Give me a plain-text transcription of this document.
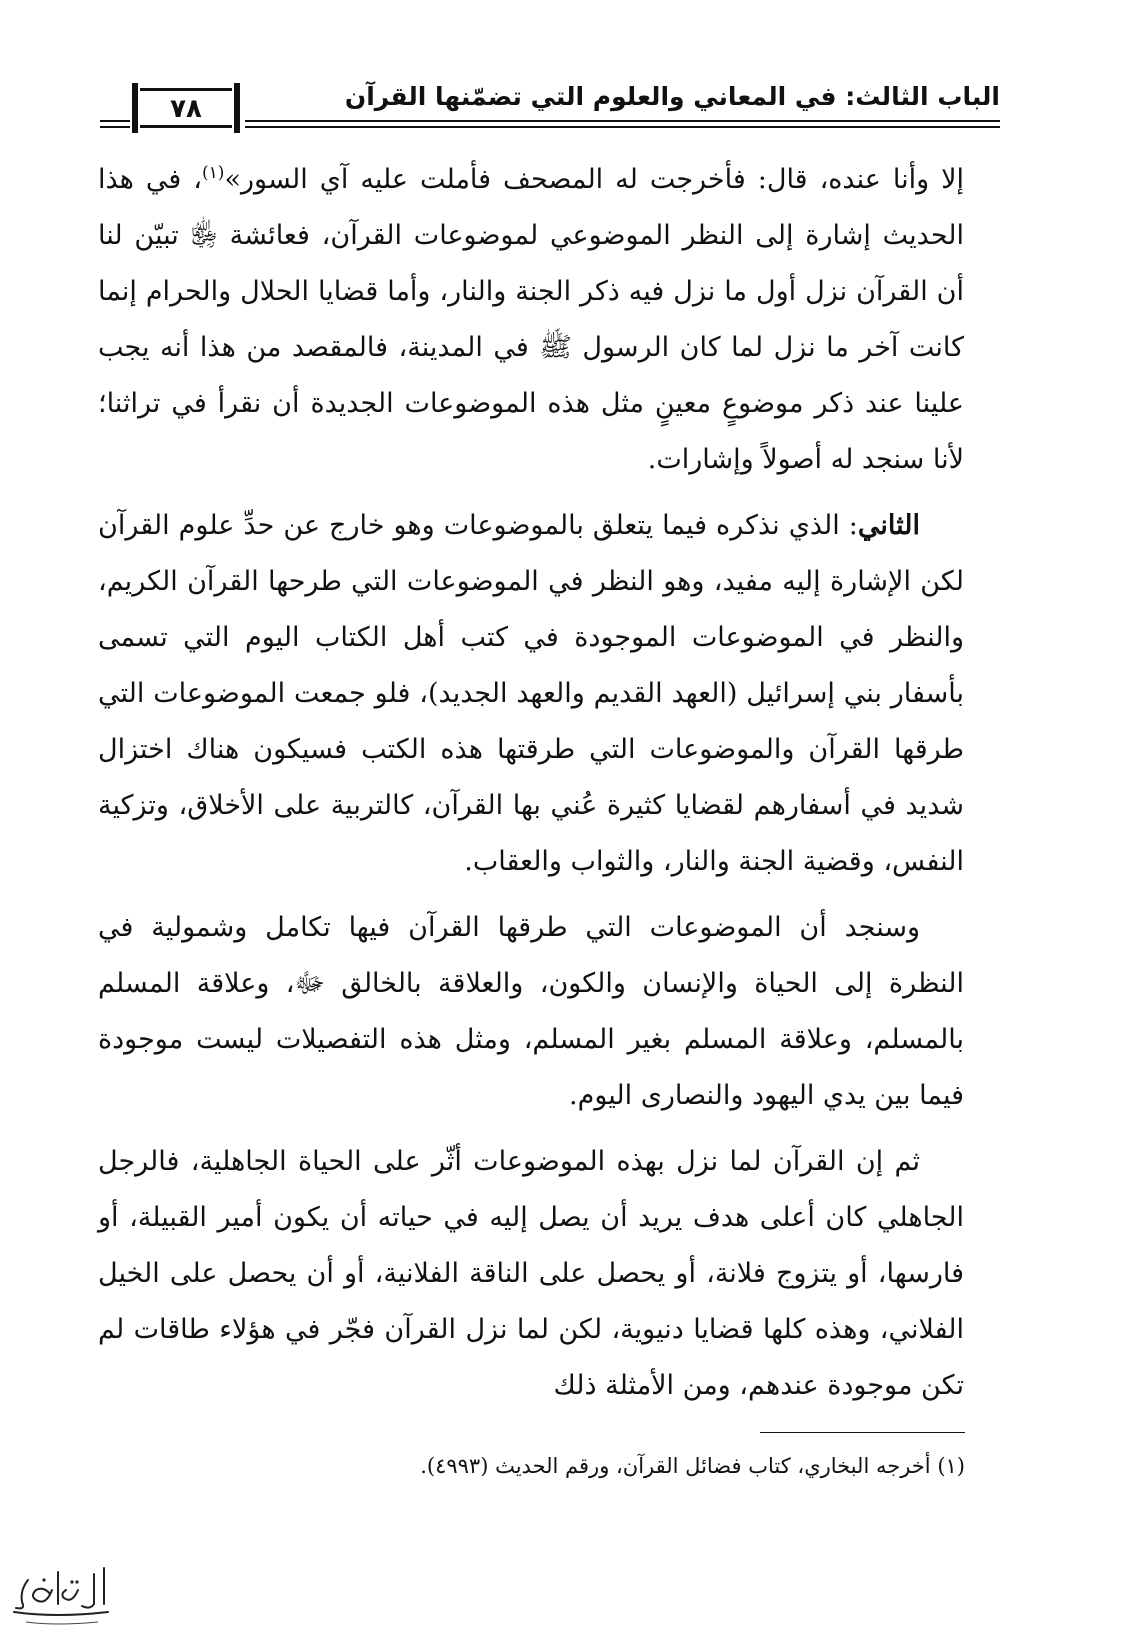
٧٨	الباب الثالث: في المعاني والعلوم التي تضمّنها القرآن

إلا وأنا عنده، قال: فأخرجت له المصحف فأملت عليه آي السور»$^{(١)}$، في هذا الحديث إشارة إلى النظر الموضوعي لموضوعات القرآن، فعائشة ﵂ تبيّن لنا أن القرآن نزل أول ما نزل فيه ذكر الجنة والنار، وأما قضايا الحلال والحرام إنما كانت آخر ما نزل لما كان الرسول ﷺ في المدينة، فالمقصد من هذا أنه يجب علينا عند ذكر موضوعٍ معينٍ مثل هذه الموضوعات الجديدة أن نقرأ في تراثنا؛ لأنا سنجد له أصولاً وإشارات.

الثاني: الذي نذكره فيما يتعلق بالموضوعات وهو خارج عن حدِّ علوم القرآن لكن الإشارة إليه مفيد، وهو النظر في الموضوعات التي طرحها القرآن الكريم، والنظر في الموضوعات الموجودة في كتب أهل الكتاب اليوم التي تسمى بأسفار بني إسرائيل (العهد القديم والعهد الجديد)، فلو جمعت الموضوعات التي طرقها القرآن والموضوعات التي طرقتها هذه الكتب فسيكون هناك اختزال شديد في أسفارهم لقضايا كثيرة عُني بها القرآن، كالتربية على الأخلاق، وتزكية النفس، وقضية الجنة والنار، والثواب والعقاب.

وسنجد أن الموضوعات التي طرقها القرآن فيها تكامل وشمولية في النظرة إلى الحياة والإنسان والكون، والعلاقة بالخالق ﷻ، وعلاقة المسلم بالمسلم، وعلاقة المسلم بغير المسلم، ومثل هذه التفصيلات ليست موجودة فيما بين يدي اليهود والنصارى اليوم.

ثم إن القرآن لما نزل بهذه الموضوعات أثّر على الحياة الجاهلية، فالرجل الجاهلي كان أعلى هدف يريد أن يصل إليه في حياته أن يكون أمير القبيلة، أو فارسها، أو يتزوج فلانة، أو يحصل على الناقة الفلانية، أو أن يحصل على الخيل الفلاني، وهذه كلها قضايا دنيوية، لكن لما نزل القرآن فجّر في هؤلاء طاقات لم تكن موجودة عندهم، ومن الأمثلة ذلك

(١) أخرجه البخاري، كتاب فضائل القرآن، ورقم الحديث (٤٩٩٣).
